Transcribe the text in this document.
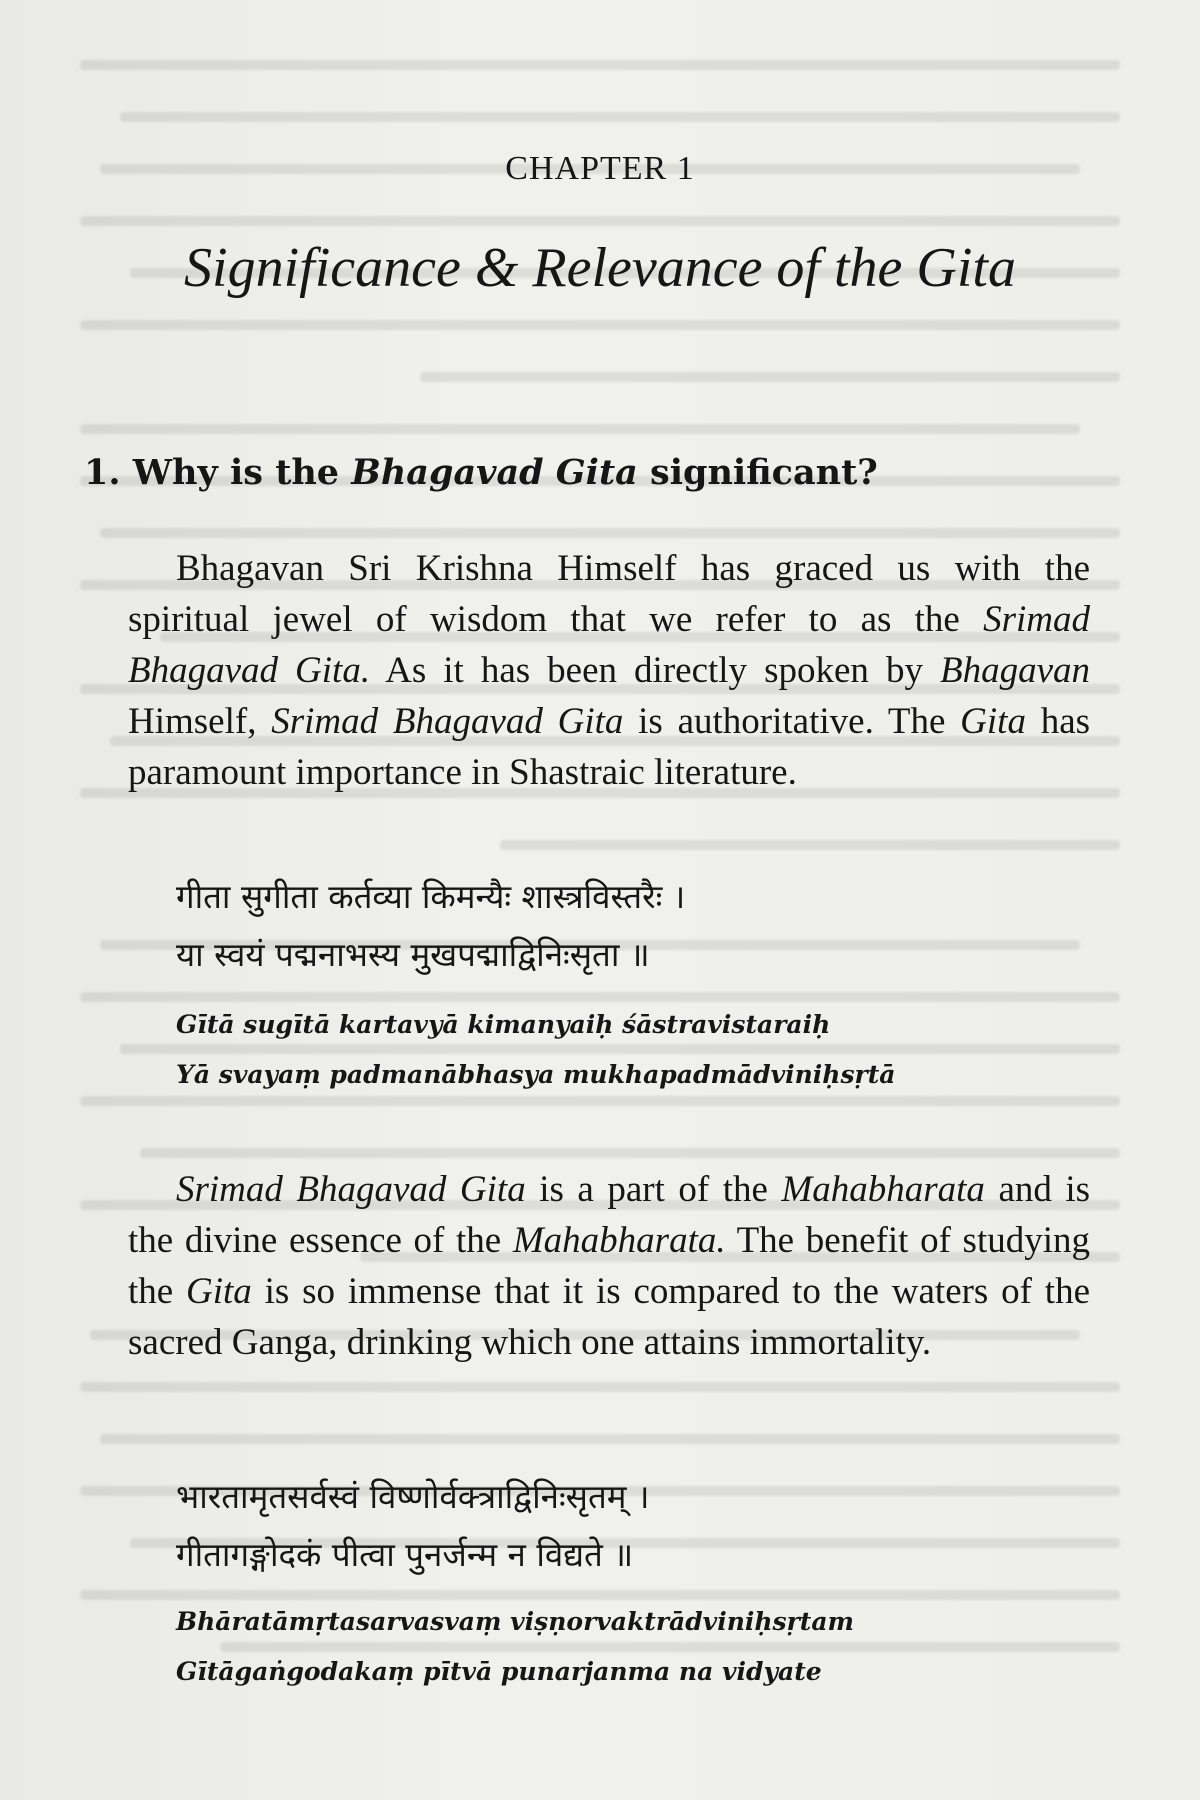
CHAPTER 1
Significance & Relevance of the Gita
1. Why is the Bhagavad Gita significant?
Bhagavan Sri Krishna Himself has graced us with the spiritual jewel of wisdom that we refer to as the Srimad Bhagavad Gita. As it has been directly spoken by Bhagavan Himself, Srimad Bhagavad Gita is authoritative. The Gita has paramount importance in Shastraic literature.
गीता सुगीता कर्तव्या किमन्यैः शास्त्रविस्तरैः ।
या स्वयं पद्मनाभस्य मुखपद्माद्विनिःसृता ॥
Gītā sugītā kartavyā kimanyaiḥ śāstravistaraiḥ
Yā svayaṃ padmanābhasya mukhapadmādviniḥsṛtā
Srimad Bhagavad Gita is a part of the Mahabharata and is the divine essence of the Mahabharata. The benefit of studying the Gita is so immense that it is compared to the waters of the sacred Ganga, drinking which one attains immortality.
भारतामृतसर्वस्वं विष्णोर्वक्त्राद्विनिःसृतम् ।
गीतागङ्गोदकं पीत्वा पुनर्जन्म न विद्यते ॥
Bhāratāmṛtasarvasvaṃ viṣṇorvaktrādviniḥsṛtam
Gītāgaṅgodakaṃ pītvā punarjanma na vidyate
